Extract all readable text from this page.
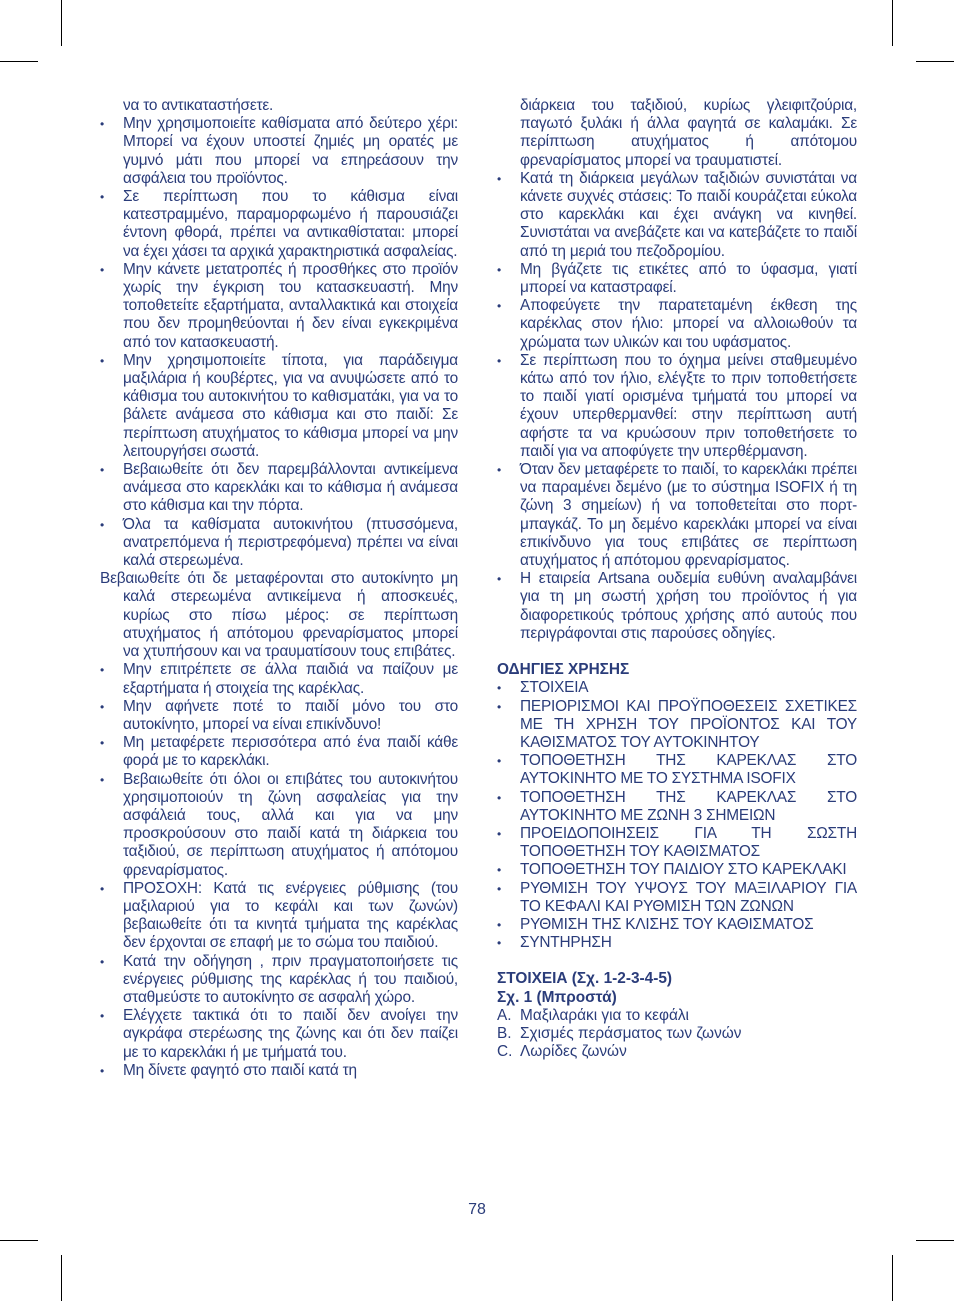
να το αντικαταστήσετε.

• Μην χρησιμοποιείτε καθίσματα από δεύτερο χέρι: Μπορεί να έχουν υποστεί ζημιές μη ορατές με γυμνό μάτι που μπορεί να επηρεάσουν την ασφάλεια του προϊόντος.

• Σε περίπτωση που το κάθισμα είναι κατεστραμμένο, παραμορφωμένο ή παρουσιάζει έντονη φθορά, πρέπει να αντικαθίσταται: μπορεί να έχει χάσει τα αρχικά χαρακτηριστικά ασφαλείας.

• Μην κάνετε μετατροπές ή προσθήκες στο προϊόν χωρίς την έγκριση του κατασκευαστή. Μην τοποθετείτε εξαρτήματα, ανταλλακτικά και στοιχεία που δεν προμηθεύονται ή δεν είναι εγκεκριμένα από τον κατασκευαστή.

• Μην χρησιμοποιείτε τίποτα, για παράδειγμα μαξιλάρια ή κουβέρτες, για να ανυψώσετε από το κάθισμα του αυτοκινήτου το καθισματάκι, για να το βάλετε ανάμεσα στο κάθισμα και στο παιδί: Σε περίπτωση ατυχήματος το κάθισμα μπορεί να μην λειτουργήσει σωστά.

• Βεβαιωθείτε ότι δεν παρεμβάλλονται αντικείμενα ανάμεσα στο καρεκλάκι και το κάθισμα ή ανάμεσα στο κάθισμα και την πόρτα.

• Όλα τα καθίσματα αυτοκινήτου (πτυσσόμενα, ανατρεπόμενα ή περιστρεφόμενα) πρέπει να είναι καλά στερεωμένα.

Βεβαιωθείτε ότι δε μεταφέρονται στο αυτοκίνητο μη καλά στερεωμένα αντικείμενα ή αποσκευές, κυρίως στο πίσω μέρος: σε περίπτωση ατυχήματος ή απότομου φρεναρίσματος μπορεί να χτυπήσουν και να τραυματίσουν τους επιβάτες.

• Μην επιτρέπετε σε άλλα παιδιά να παίζουν με εξαρτήματα ή στοιχεία της καρέκλας.

• Μην αφήνετε ποτέ το παιδί μόνο του στο αυτοκίνητο, μπορεί να είναι επικίνδυνο!

• Μη μεταφέρετε περισσότερα από ένα παιδί κάθε φορά με το καρεκλάκι.

• Βεβαιωθείτε ότι όλοι οι επιβάτες του αυτοκινήτου χρησιμοποιούν τη ζώνη ασφαλείας για την ασφάλειά τους, αλλά και για να μην προσκρούσουν στο παιδί κατά τη διάρκεια του ταξιδιού, σε περίπτωση ατυχήματος ή απότομου φρεναρίσματος.

• ΠΡΟΣΟΧΗ: Κατά τις ενέργειες ρύθμισης (του μαξιλαριού για το κεφάλι και των ζωνών) βεβαιωθείτε ότι τα κινητά τμήματα της καρέκλας δεν έρχονται σε επαφή με το σώμα του παιδιού.

• Κατά την οδήγηση , πριν πραγματοποιήσετε τις ενέργειες ρύθμισης της καρέκλας ή του παιδιού, σταθμεύστε το αυτοκίνητο σε ασφαλή χώρο.

• Ελέγχετε τακτικά ότι το παιδί δεν ανοίγει την αγκράφα στερέωσης της ζώνης και ότι δεν παίζει με το καρεκλάκι ή με τμήματά του.

• Μη δίνετε φαγητό στο παιδί κατά τη

διάρκεια του ταξιδιού, κυρίως γλειφιτζούρια, παγωτό ξυλάκι ή άλλα φαγητά σε καλαμάκι. Σε περίπτωση ατυχήματος ή απότομου φρεναρίσματος μπορεί να τραυματιστεί.

• Κατά τη διάρκεια μεγάλων ταξιδιών συνιστάται να κάνετε συχνές στάσεις: Το παιδί κουράζεται εύκολα στο καρεκλάκι και έχει ανάγκη να κινηθεί. Συνιστάται να ανεβάζετε και να κατεβάζετε το παιδί από τη μεριά του πεζοδρομίου.

• Μη βγάζετε τις ετικέτες από το ύφασμα, γιατί μπορεί να καταστραφεί.

• Αποφεύγετε την παρατεταμένη έκθεση της καρέκλας στον ήλιο: μπορεί να αλλοιωθούν τα χρώματα των υλικών και του υφάσματος.

• Σε περίπτωση που το όχημα μείνει σταθμευμένο κάτω από τον ήλιο, ελέγξτε το πριν τοποθετήσετε το παιδί γιατί ορισμένα τμήματά του μπορεί να έχουν υπερθερμανθεί: στην περίπτωση αυτή αφήστε τα να κρυώσουν πριν τοποθετήσετε το παιδί για να αποφύγετε την υπερθέρμανση.

• Όταν δεν μεταφέρετε το παιδί, το καρεκλάκι πρέπει να παραμένει δεμένο (με το σύστημα ISOFIX ή τη ζώνη 3 σημείων) ή να τοποθετείται στο πορτ-μπαγκάζ. Το μη δεμένο καρεκλάκι μπορεί να είναι επικίνδυνο για τους επιβάτες σε περίπτωση ατυχήματος ή απότομου φρεναρίσματος.

• Η εταιρεία Artsana ουδεμία ευθύνη αναλαμβάνει για τη μη σωστή χρήση του προϊόντος ή για διαφορετικούς τρόπους χρήσης από αυτούς που περιγράφονται στις παρούσες οδηγίες.

ΟΔΗΓΙΕΣ ΧΡΗΣΗΣ

• ΣΤΟΙΧΕΙΑ

• ΠΕΡΙΟΡΙΣΜΟΙ ΚΑΙ ΠΡΟΫΠΟΘΕΣΕΙΣ ΣΧΕΤΙΚΕΣ ΜΕ ΤΗ ΧΡΗΣΗ ΤΟΥ ΠΡΟΪΟΝΤΟΣ ΚΑΙ ΤΟΥ ΚΑΘΙΣΜΑΤΟΣ ΤΟΥ ΑΥΤΟΚΙΝΗΤΟΥ

• ΤΟΠΟΘΕΤΗΣΗ ΤΗΣ ΚΑΡΕΚΛΑΣ ΣΤΟ ΑΥΤΟΚΙΝΗΤΟ ΜΕ ΤΟ ΣΥΣΤΗΜΑ ISOFIX

• ΤΟΠΟΘΕΤΗΣΗ ΤΗΣ ΚΑΡΕΚΛΑΣ ΣΤΟ ΑΥΤΟΚΙΝΗΤΟ ΜΕ ΖΩΝΗ 3 ΣΗΜΕΙΩΝ

• ΠΡΟΕΙΔΟΠΟΙΗΣΕΙΣ ΓΙΑ ΤΗ ΣΩΣΤΗ ΤΟΠΟΘΕΤΗΣΗ ΤΟΥ ΚΑΘΙΣΜΑΤΟΣ

• ΤΟΠΟΘΕΤΗΣΗ ΤΟΥ ΠΑΙΔΙΟΥ ΣΤΟ ΚΑΡΕΚΛΑΚΙ

• ΡΥΘΜΙΣΗ ΤΟΥ ΥΨΟΥΣ ΤΟΥ ΜΑΞΙΛΑΡΙΟΥ ΓΙΑ ΤΟ ΚΕΦΑΛΙ ΚΑΙ ΡΥΘΜΙΣΗ ΤΩΝ ΖΩΝΩΝ

• ΡΥΘΜΙΣΗ ΤΗΣ ΚΛΙΣΗΣ ΤΟΥ ΚΑΘΙΣΜΑΤΟΣ

• ΣΥΝΤΗΡΗΣΗ

ΣΤΟΙΧΕΙΑ (Σχ. 1-2-3-4-5)

Σχ. 1 (Μπροστά)

A. Μαξιλαράκι για το κεφάλι
B. Σχισμές περάσματος των ζωνών
C. Λωρίδες ζωνών
78
